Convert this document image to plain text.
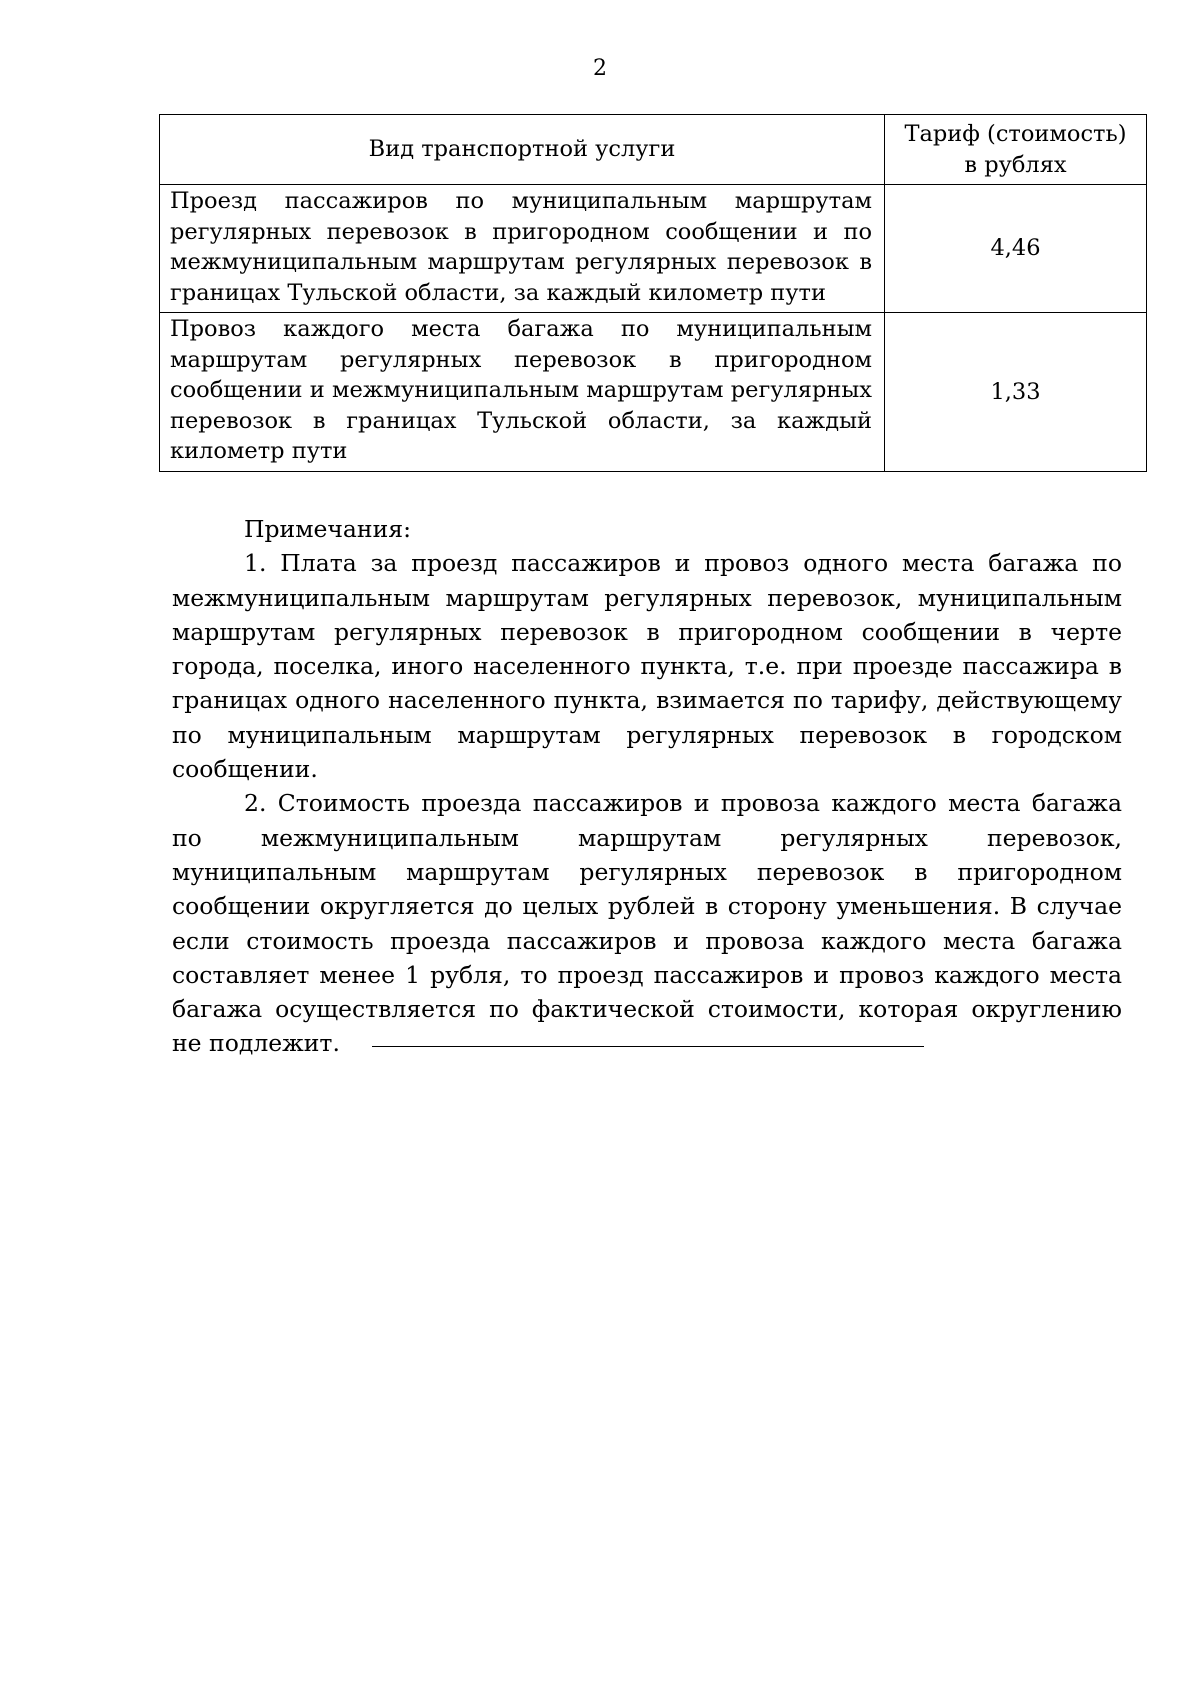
2
Вид транспортной услуги	Тариф (стоимость)
в рублях

Проезд пассажиров по муниципальным маршрутам регулярных перевозок в пригородном сообщении и по межмуниципальным маршрутам регулярных перевозок в границах Тульской области, за каждый километр пути	4,46
Провоз каждого места багажа по муниципальным маршрутам регулярных перевозок в пригородном сообщении и межмуниципальным маршрутам регулярных перевозок в границах Тульской области, за каждый километр пути	1,33

Примечания:

1. Плата за проезд пассажиров и провоз одного места багажа по межмуниципальным маршрутам регулярных перевозок, муниципальным маршрутам регулярных перевозок в пригородном сообщении в черте города, поселка, иного населенного пункта, т.е. при проезде пассажира в границах одного населенного пункта, взимается по тарифу, действующему по муниципальным маршрутам регулярных перевозок в городском сообщении.

2. Стоимость проезда пассажиров и провоза каждого места багажа по межмуниципальным маршрутам регулярных перевозок, муниципальным маршрутам регулярных перевозок в пригородном сообщении округляется до целых рублей в сторону уменьшения. В случае если стоимость проезда пассажиров и провоза каждого места багажа составляет менее 1 рубля, то проезд пассажиров и провоз каждого места багажа осуществляется по фактической стоимости, которая округлению не подлежит.
